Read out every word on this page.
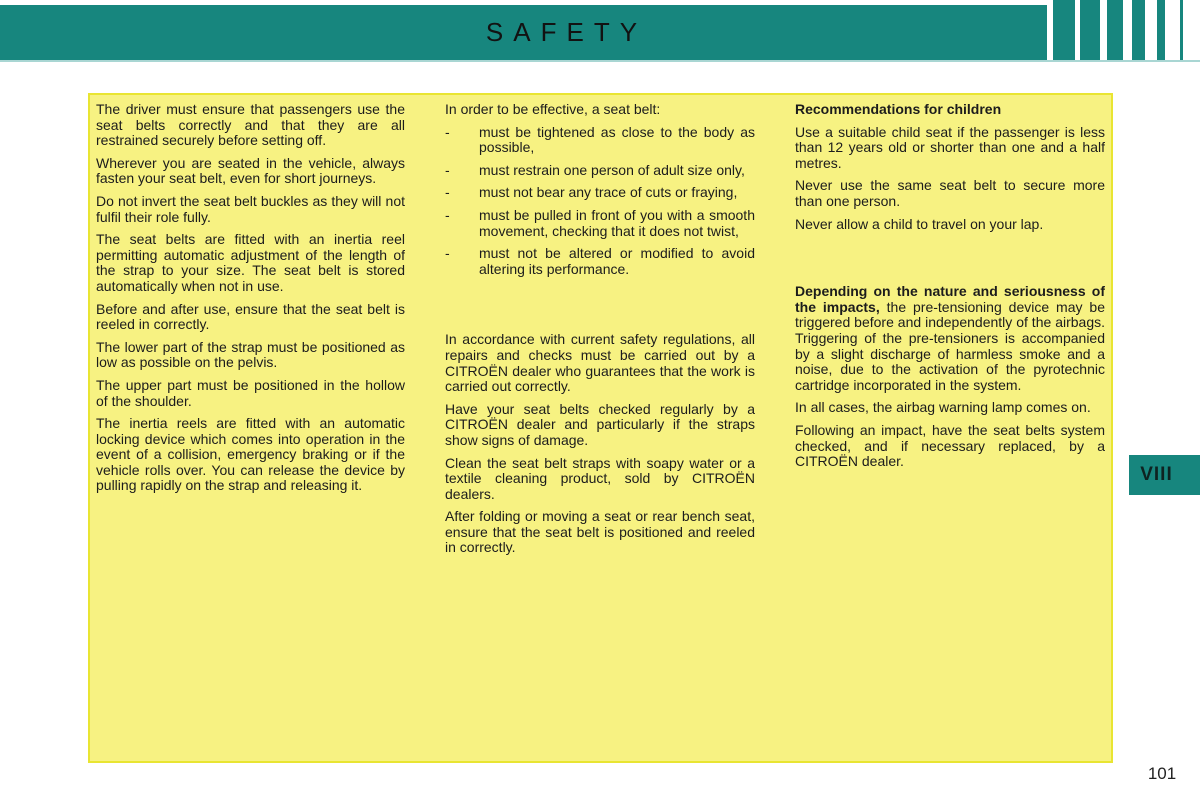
SAFETY

The driver must ensure that passengers use the seat belts correctly and that they are all restrained securely before setting off.

Wherever you are seated in the vehicle, always fasten your seat belt, even for short journeys.

Do not invert the seat belt buckles as they will not fulfil their role fully.

The seat belts are fitted with an inertia reel permitting automatic adjustment of the length of the strap to your size. The seat belt is stored automatically when not in use.

Before and after use, ensure that the seat belt is reeled in correctly.

The lower part of the strap must be positioned as low as possible on the pelvis.

The upper part must be positioned in the hollow of the shoulder.

The inertia reels are fitted with an automatic locking device which comes into operation in the event of a collision, emergency braking or if the vehicle rolls over. You can release the device by pulling rapidly on the strap and releasing it.

In order to be effective, a seat belt:

-	must be tightened as close to the body as possible,
-	must restrain one person of adult size only,
-	must not bear any trace of cuts or fraying,
-	must be pulled in front of you with a smooth movement, checking that it does not twist,
-	must not be altered or modified to avoid altering its performance.

In accordance with current safety regulations, all repairs and checks must be carried out by a CITROËN dealer who guarantees that the work is carried out correctly.

Have your seat belts checked regularly by a CITROËN dealer and particularly if the straps show signs of damage.

Clean the seat belt straps with soapy water or a textile cleaning product, sold by CITROËN dealers.

After folding or moving a seat or rear bench seat, ensure that the seat belt is positioned and reeled in correctly.

Recommendations for children

Use a suitable child seat if the passenger is less than 12 years old or shorter than one and a half metres.

Never use the same seat belt to secure more than one person.

Never allow a child to travel on your lap.

Depending on the nature and seriousness of the impacts, the pre-tensioning device may be triggered before and independently of the airbags. Triggering of the pre-tensioners is accompanied by a slight discharge of harmless smoke and a noise, due to the activation of the pyrotechnic cartridge incorporated in the system.

In all cases, the airbag warning lamp comes on.

Following an impact, have the seat belts system checked, and if necessary replaced, by a CITROËN dealer.

VIII
101
